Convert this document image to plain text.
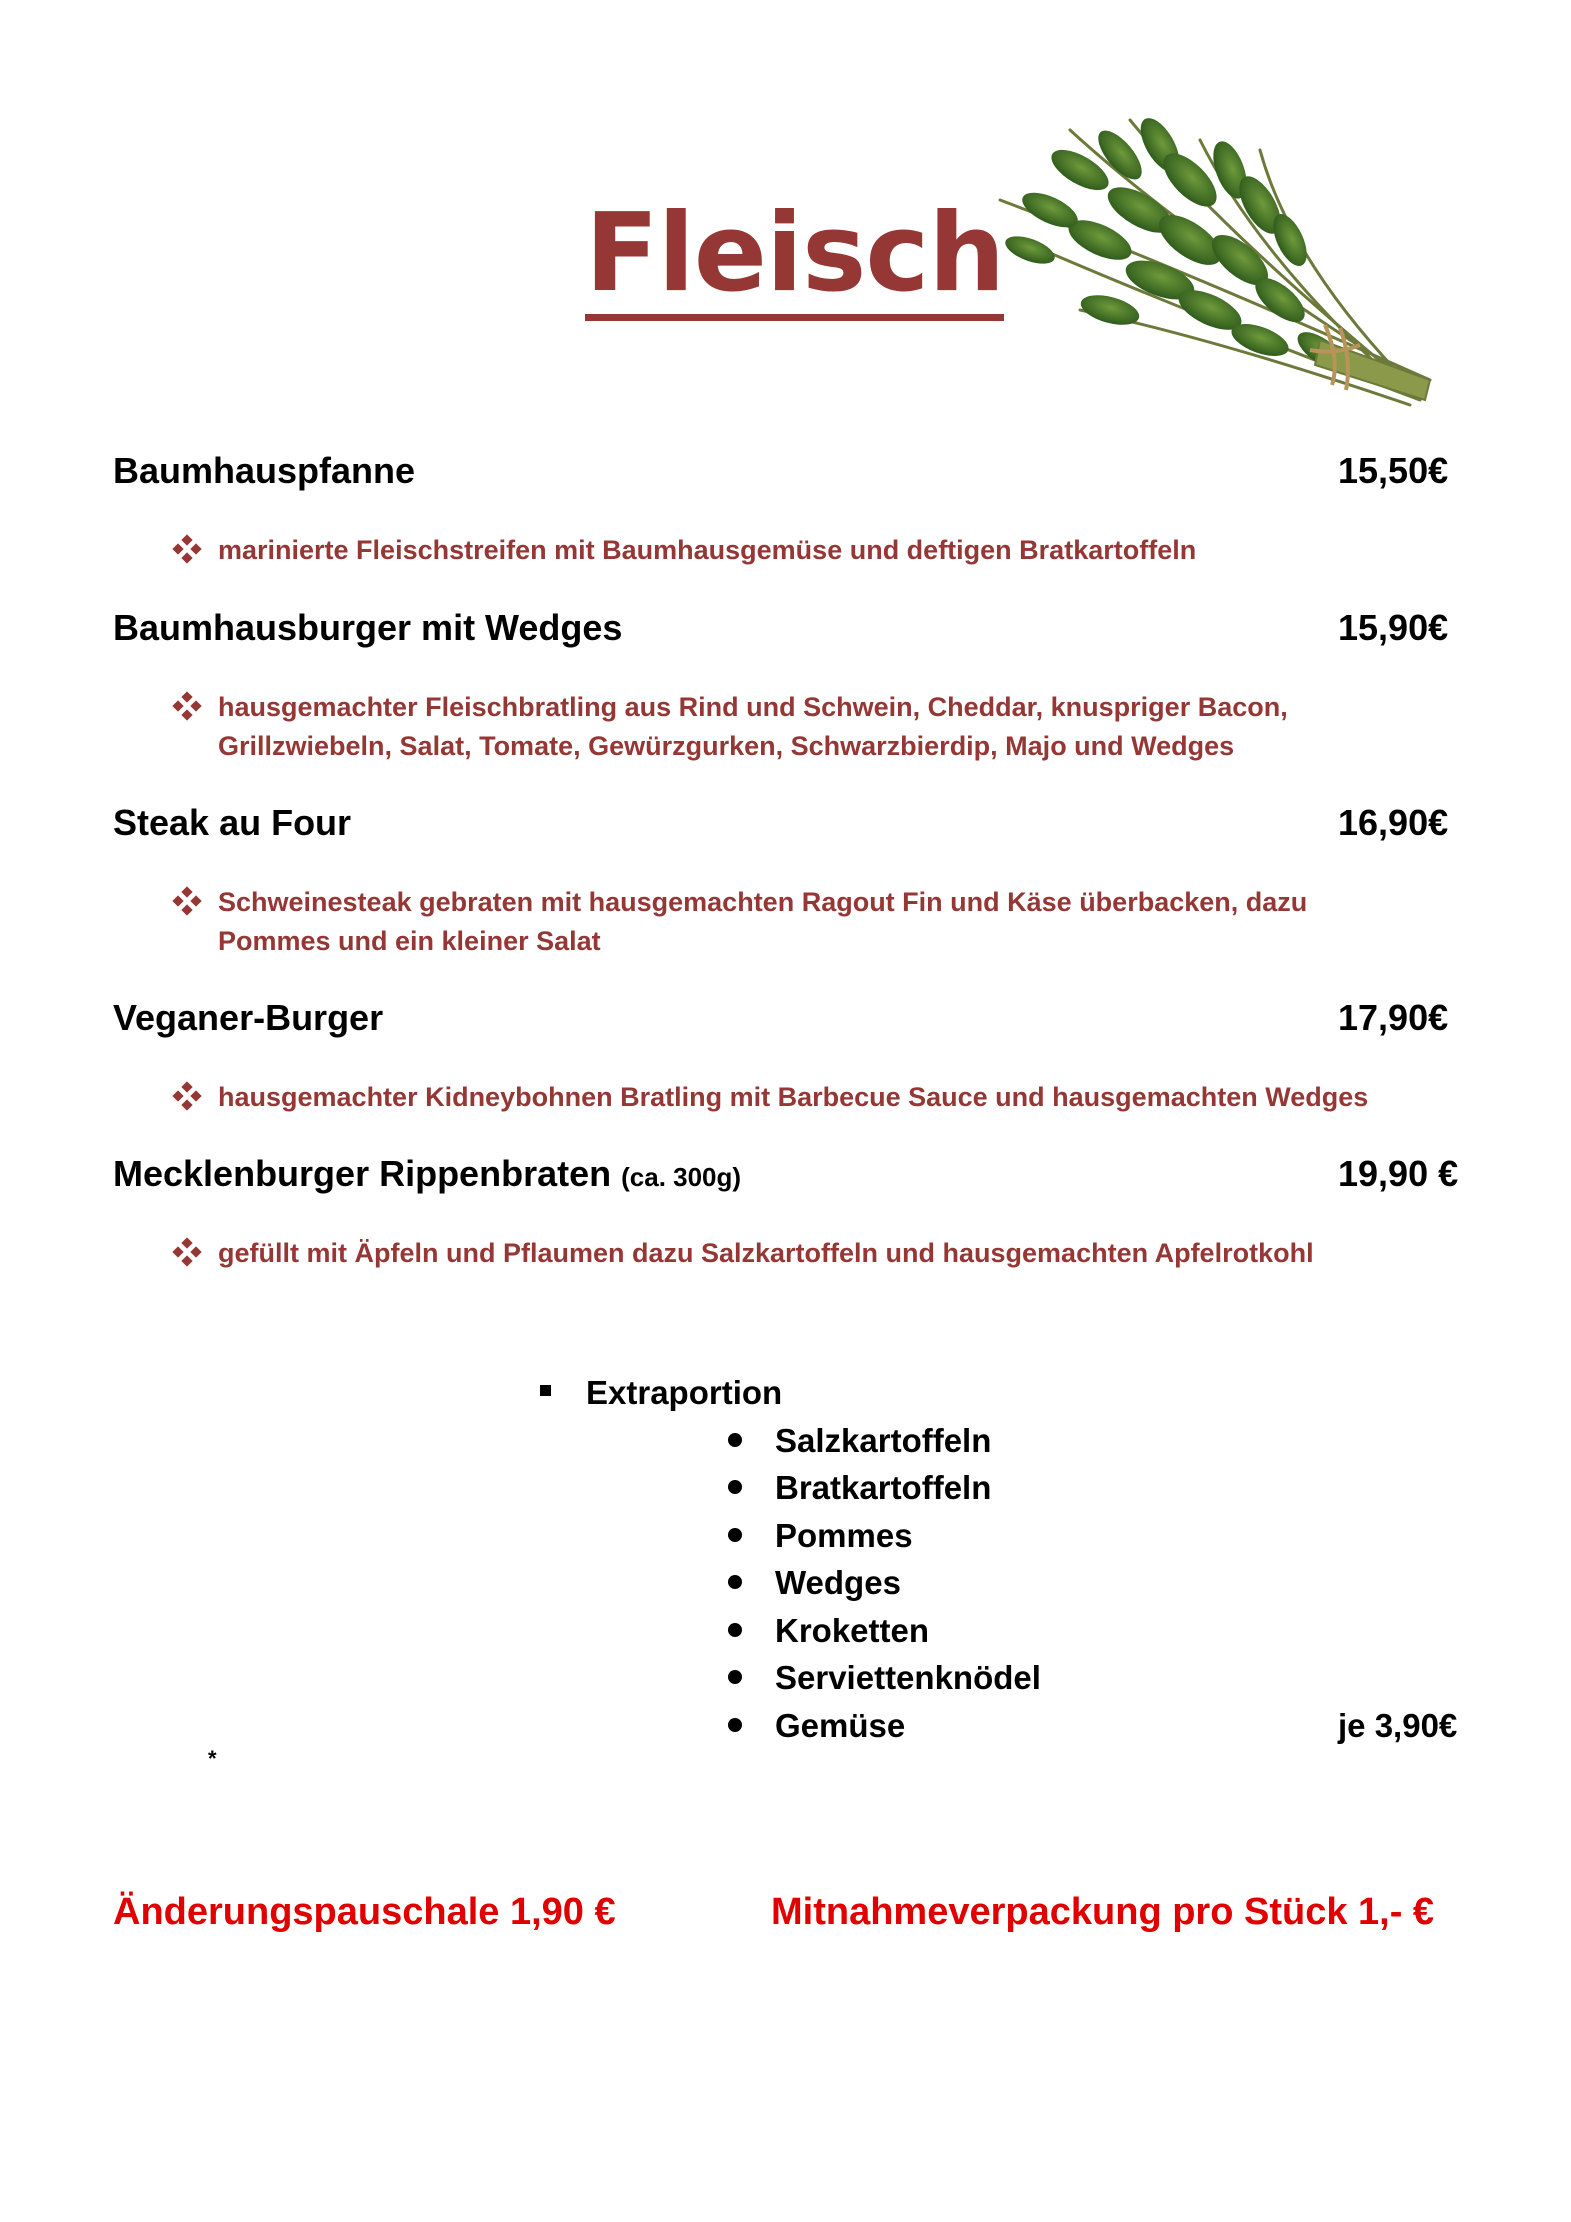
Fleisch
Baumhauspfanne	15,50€
marinierte Fleischstreifen mit Baumhausgemüse und deftigen Bratkartoffeln
Baumhausburger mit Wedges	15,90€
hausgemachter Fleischbratling aus Rind und Schwein, Cheddar, knuspriger Bacon, Grillzwiebeln, Salat, Tomate, Gewürzgurken, Schwarzbierdip, Majo und Wedges
Steak au Four	16,90€
Schweinesteak gebraten mit hausgemachten Ragout Fin und Käse überbacken, dazu Pommes und ein kleiner Salat
Veganer-Burger	17,90€
hausgemachter Kidneybohnen Bratling mit Barbecue Sauce und hausgemachten Wedges
Mecklenburger Rippenbraten (ca. 300g)	19,90 €
gefüllt mit Äpfeln und Pflaumen dazu Salzkartoffeln und hausgemachten Apfelrotkohl
Extraportion
Salzkartoffeln
Bratkartoffeln
Pommes
Wedges
Kroketten
Serviettenknödel
Gemüse	je 3,90€
*
Änderungspauschale 1,90 €	Mitnahmeverpackung pro Stück 1,- €
